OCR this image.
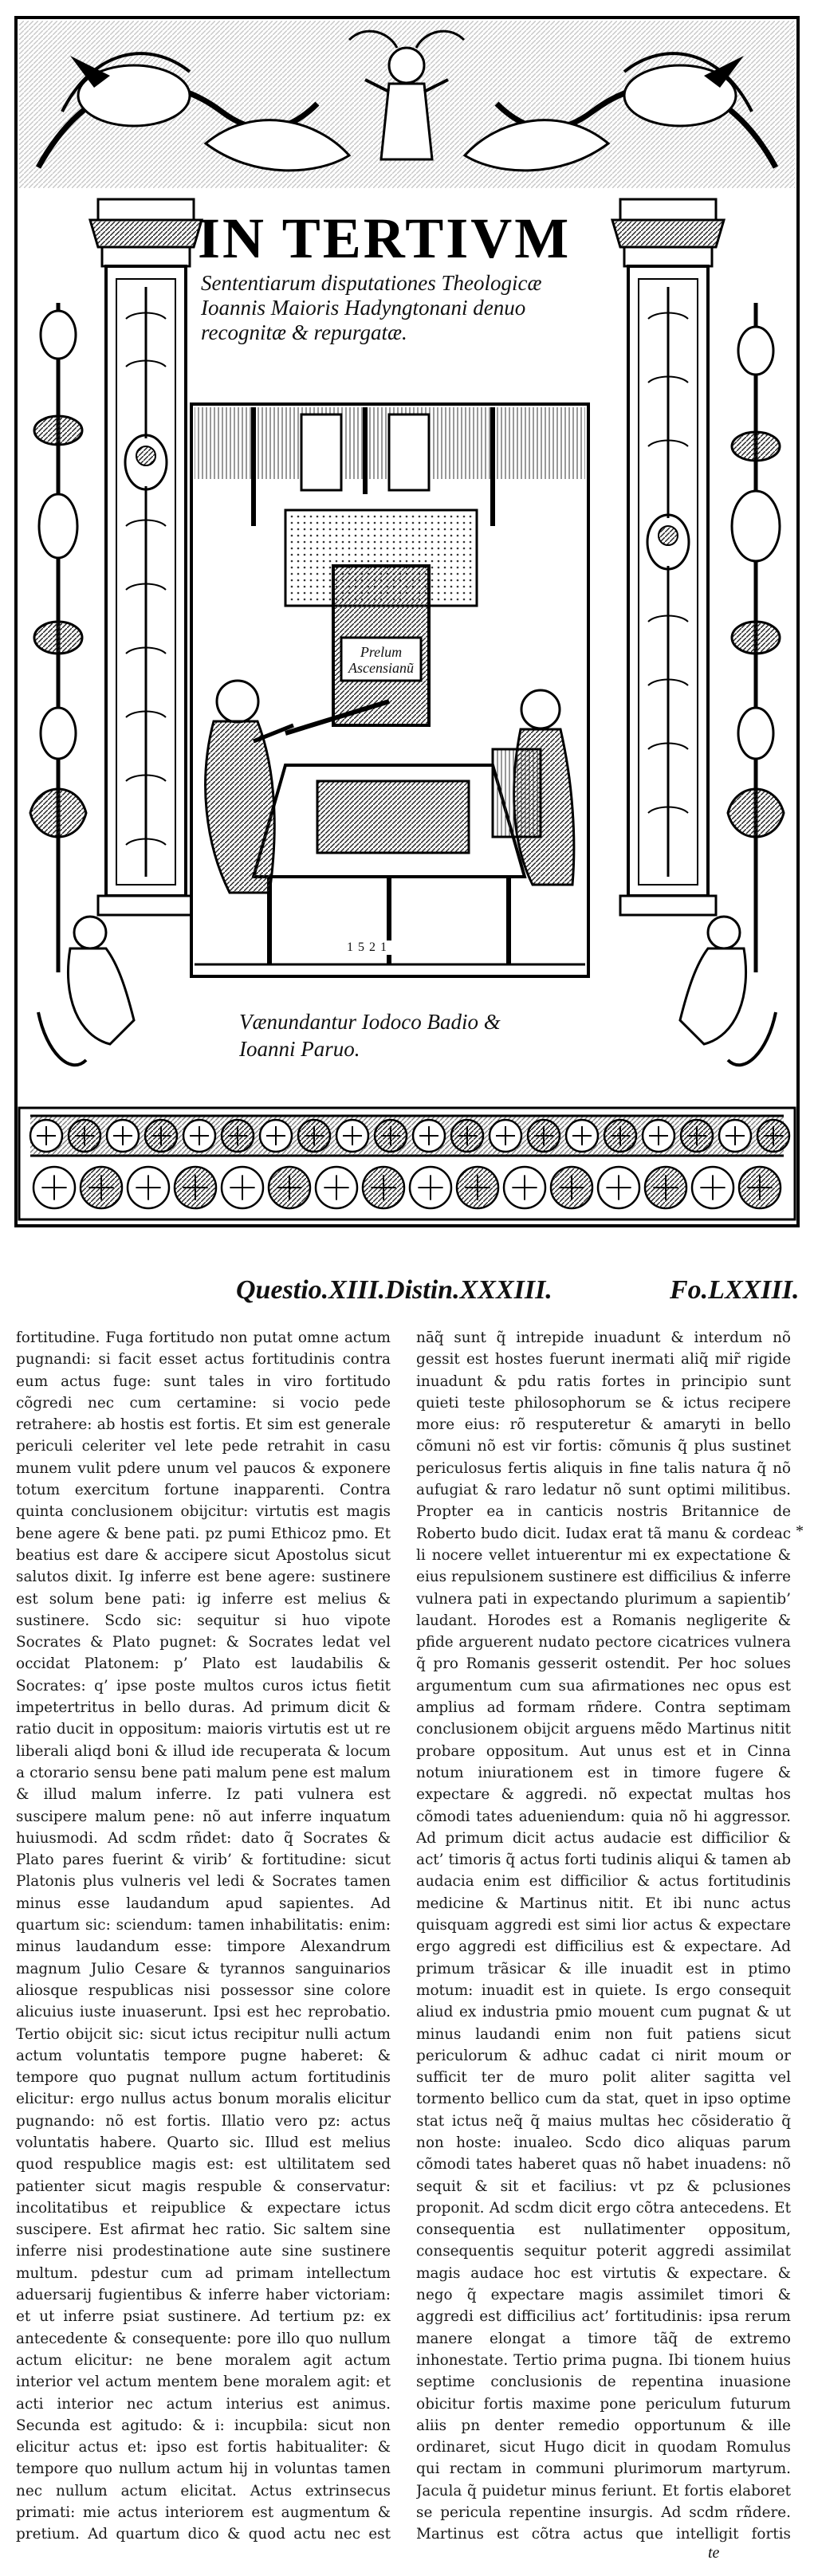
Prelum
Ascensianũ
1521
IN TERTIVM
Sententiarum disputationes Theologicæ
Ioannis Maioris Hadyngtonani denuo
recognitæ & repurgatæ.
Vænundantur Iodoco Badio &
Ioanni Paruo.
Questio.XIII.Distin.XXXIII.	Fo.LXXIII.

fortitudine. Fuga fortitudo non putat omne actum pugnandi: si facit esset actus fortitudinis contra eum actus fuge: sunt tales in viro fortitudo cõgredi nec cum certamine: si vocio pede retrahere: ab hostis est fortis. Et sim est generale periculi celeriter vel lete pede retrahit in casu munem vulit pdere unum vel paucos & exponere totum exercitum fortune inapparenti. Contra quinta conclusionem obijcitur: virtutis est magis bene agere & bene pati. pz pumi Ethicoz pmo. Et beatius est dare & accipere sicut Apostolus sicut salutos dixit. Ig inferre est bene agere: sustinere est solum bene pati: ig inferre est melius & sustinere. Scdo sic: sequitur si huo vipote Socrates & Plato pugnet: & Socrates ledat vel occidat Platonem: p’ Plato est laudabilis & Socrates: q’ ipse poste multos curos ictus fietit impetertritus in bello duras. Ad primum dicit & ratio ducit in oppositum: maioris virtutis est ut re liberali aliqd boni & illud ide recuperata & locum a ctorario sensu bene pati malum pene est malum & illud malum inferre. Iz pati vulnera est suscipere malum pene: nõ aut inferre inquatum huiusmodi. Ad scdm rñdet: dato q̃ Socrates & Plato pares fuerint & virib’ & fortitudine: sicut Platonis plus vulneris vel ledi & Socrates tamen minus esse laudandum apud sapientes. Ad quartum sic: sciendum: tamen inhabilitatis: enim: minus laudandum esse: timpore Alexandrum magnum Julio Cesare & tyrannos sanguinarios aliosque respublicas nisi possessor sine colore alicuius iuste inuaserunt. Ipsi est hec reprobatio. Tertio obijcit sic: sicut ictus recipitur nulli actum actum voluntatis tempore pugne haberet: & tempore quo pugnat nullum actum fortitudinis elicitur: ergo nullus actus bonum moralis elicitur pugnando: nõ est fortis. Illatio vero pz: actus voluntatis habere. Quarto sic. Illud est melius quod respublice magis est: est ultilitatem sed patienter sicut magis respuble & conservatur: incolitatibus et reipublice & expectare ictus suscipere. Est afirmat hec ratio. Sic saltem sine inferre nisi prodestinatione aute sine sustinere multum. pdestur cum ad primam intellectum aduersarij fugientibus & inferre haber victoriam: et ut inferre psiat sustinere. Ad tertium pz: ex antecedente & consequente: pore illo quo nullum actum elicitur: ne bene moralem agit actum interior vel actum mentem bene moralem agit: et acti interior nec actum interius est animus. Secunda est agitudo: & i: incupbila: sicut non elicitur actus et: ipso est fortis habitualiter: & tempore quo nullum actum hij in voluntas tamen nec nullum actum elicitat. Actus extrinsecus primati: mie actus interiorem est augmentum & pretium. Ad quartum dico & quod actu nec est

nāq̃ sunt q̃ intrepide inuadunt & interdum nõ gessit est hostes fuerunt inermati aliq̃ mir̃ rigide inuadunt & pdu ratis fortes in principio sunt quieti teste philosophorum se & ictus recipere more eius: rõ resputeretur & amaryti in bello cõmuni nõ est vir fortis: cõmunis q̃ plus sustinet periculosus fertis aliquis in fine talis natura q̃ nõ aufugiat & raro ledatur nõ sunt optimi militibus. Propter ea in canticis nostris Britannice de Roberto budo dicit. Iudax erat tã manu & cordeac li nocere vellet intuerentur mi ex expectatione & eius repulsionem sustinere est difficilius & inferre vulnera pati in expectando plurimum a sapientib’ laudant. Horodes est a Romanis negligerite & pfide arguerent nudato pectore cicatrices vulnera q̃ pro Romanis gesserit ostendit. Per hoc solues argumentum cum sua afirmationes nec opus est amplius ad formam rñdere. Contra septimam conclusionem obijcit arguens mẽdo Martinus nitit probare oppositum. Aut unus est et in Cinna notum iniurationem est in timore fugere & expectare & aggredi. nõ expectat multas hos cõmodi tates adueniendum: quia nõ hi aggressor. Ad primum dicit actus audacie est difficilior & act’ timoris q̃ actus forti tudinis aliqui & tamen ab audacia enim est difficilior & actus fortitudinis medicine & Martinus nitit. Et ibi nunc actus quisquam aggredi est simi lior actus & expectare ergo aggredi est difficilius est & expectare. Ad primum trãsicar & ille inuadit est in ptimo motum: inuadit est in quiete. Is ergo consequit aliud ex industria pmio mouent cum pugnat & ut minus laudandi enim non fuit patiens sicut periculorum & adhuc cadat ci nirit moum or sufficit ter de muro polit aliter sagitta vel tormento bellico cum da stat, quet in ipso optime stat ictus neq̃ q̃ maius multas hec cõsideratio q̃ non hoste: inualeo. Scdo dico aliquas parum cõmodi tates haberet quas nõ habet inuadens: nõ sequit & sit et facilius: vt pz & pclusiones proponit. Ad scdm dicit ergo cõtra antecedens. Et consequentia est nullatimenter oppositum, consequentis sequitur poterit aggredi assimilat magis audace hoc est virtutis & expectare. & nego q̃ expectare magis assimilet timori & aggredi est difficilius act’ fortitudinis: ipsa rerum manere elongat a timore tãq̃ de extremo inhonestate. Tertio prima pugna. Ibi tionem huius septime conclusionis de repentina inuasione obicitur fortis maxime pone periculum futurum aliis pn denter remedio opportunum & ille ordinaret, sicut Hugo dicit in quodam Romulus qui rectam in communi plurimorum martyrum. Jacula q̃ puidetur minus feriunt. Et fortis elaboret se pericula repentine insurgis. Ad scdm rñdere. Martinus est cõtra actus que intelligit fortis

*
te
